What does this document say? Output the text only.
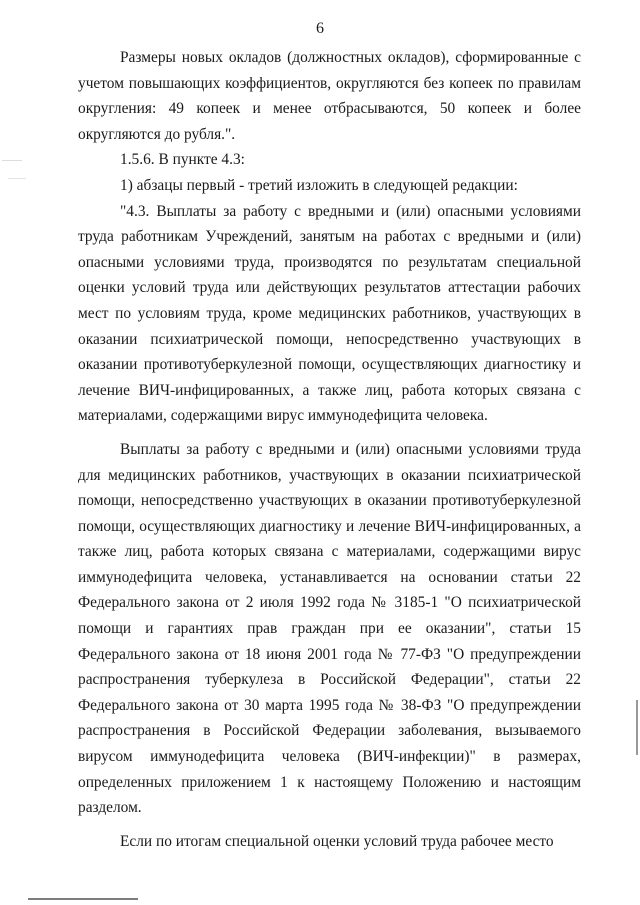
6

Размеры новых окладов (должностных окладов), сформированные с учетом повышающих коэффициентов, округляются без копеек по правилам округления: 49 копеек и менее отбрасываются, 50 копеек и более округляются до рубля.".

1.5.6. В пункте 4.3:

1) абзацы первый - третий изложить в следующей редакции:

"4.3. Выплаты за работу с вредными и (или) опасными условиями труда работникам Учреждений, занятым на работах с вредными и (или) опасными условиями труда, производятся по результатам специальной оценки условий труда или действующих результатов аттестации рабочих мест по условиям труда, кроме медицинских работников, участвующих в оказании психиатрической помощи, непосредственно участвующих в оказании противотуберкулезной помощи, осуществляющих диагностику и лечение ВИЧ-инфицированных, а также лиц, работа которых связана с материалами, содержащими вирус иммунодефицита человека.

Выплаты за работу с вредными и (или) опасными условиями труда для медицинских работников, участвующих в оказании психиатрической помощи, непосредственно участвующих в оказании противотуберкулезной помощи, осуществляющих диагностику и лечение ВИЧ-инфицированных, а также лиц, работа которых связана с материалами, содержащими вирус иммунодефицита человека, устанавливается на основании статьи 22 Федерального закона от 2 июля 1992 года № 3185-1 "О психиатрической помощи и гарантиях прав граждан при ее оказании", статьи 15 Федерального закона от 18 июня 2001 года № 77-ФЗ "О предупреждении распространения туберкулеза в Российской Федерации", статьи 22 Федерального закона от 30 марта 1995 года № 38-ФЗ "О предупреждении распространения в Российской Федерации заболевания, вызываемого вирусом иммунодефицита человека (ВИЧ-инфекции)" в размерах, определенных приложением 1 к настоящему Положению и настоящим разделом.

Если по итогам специальной оценки условий труда рабочее место
